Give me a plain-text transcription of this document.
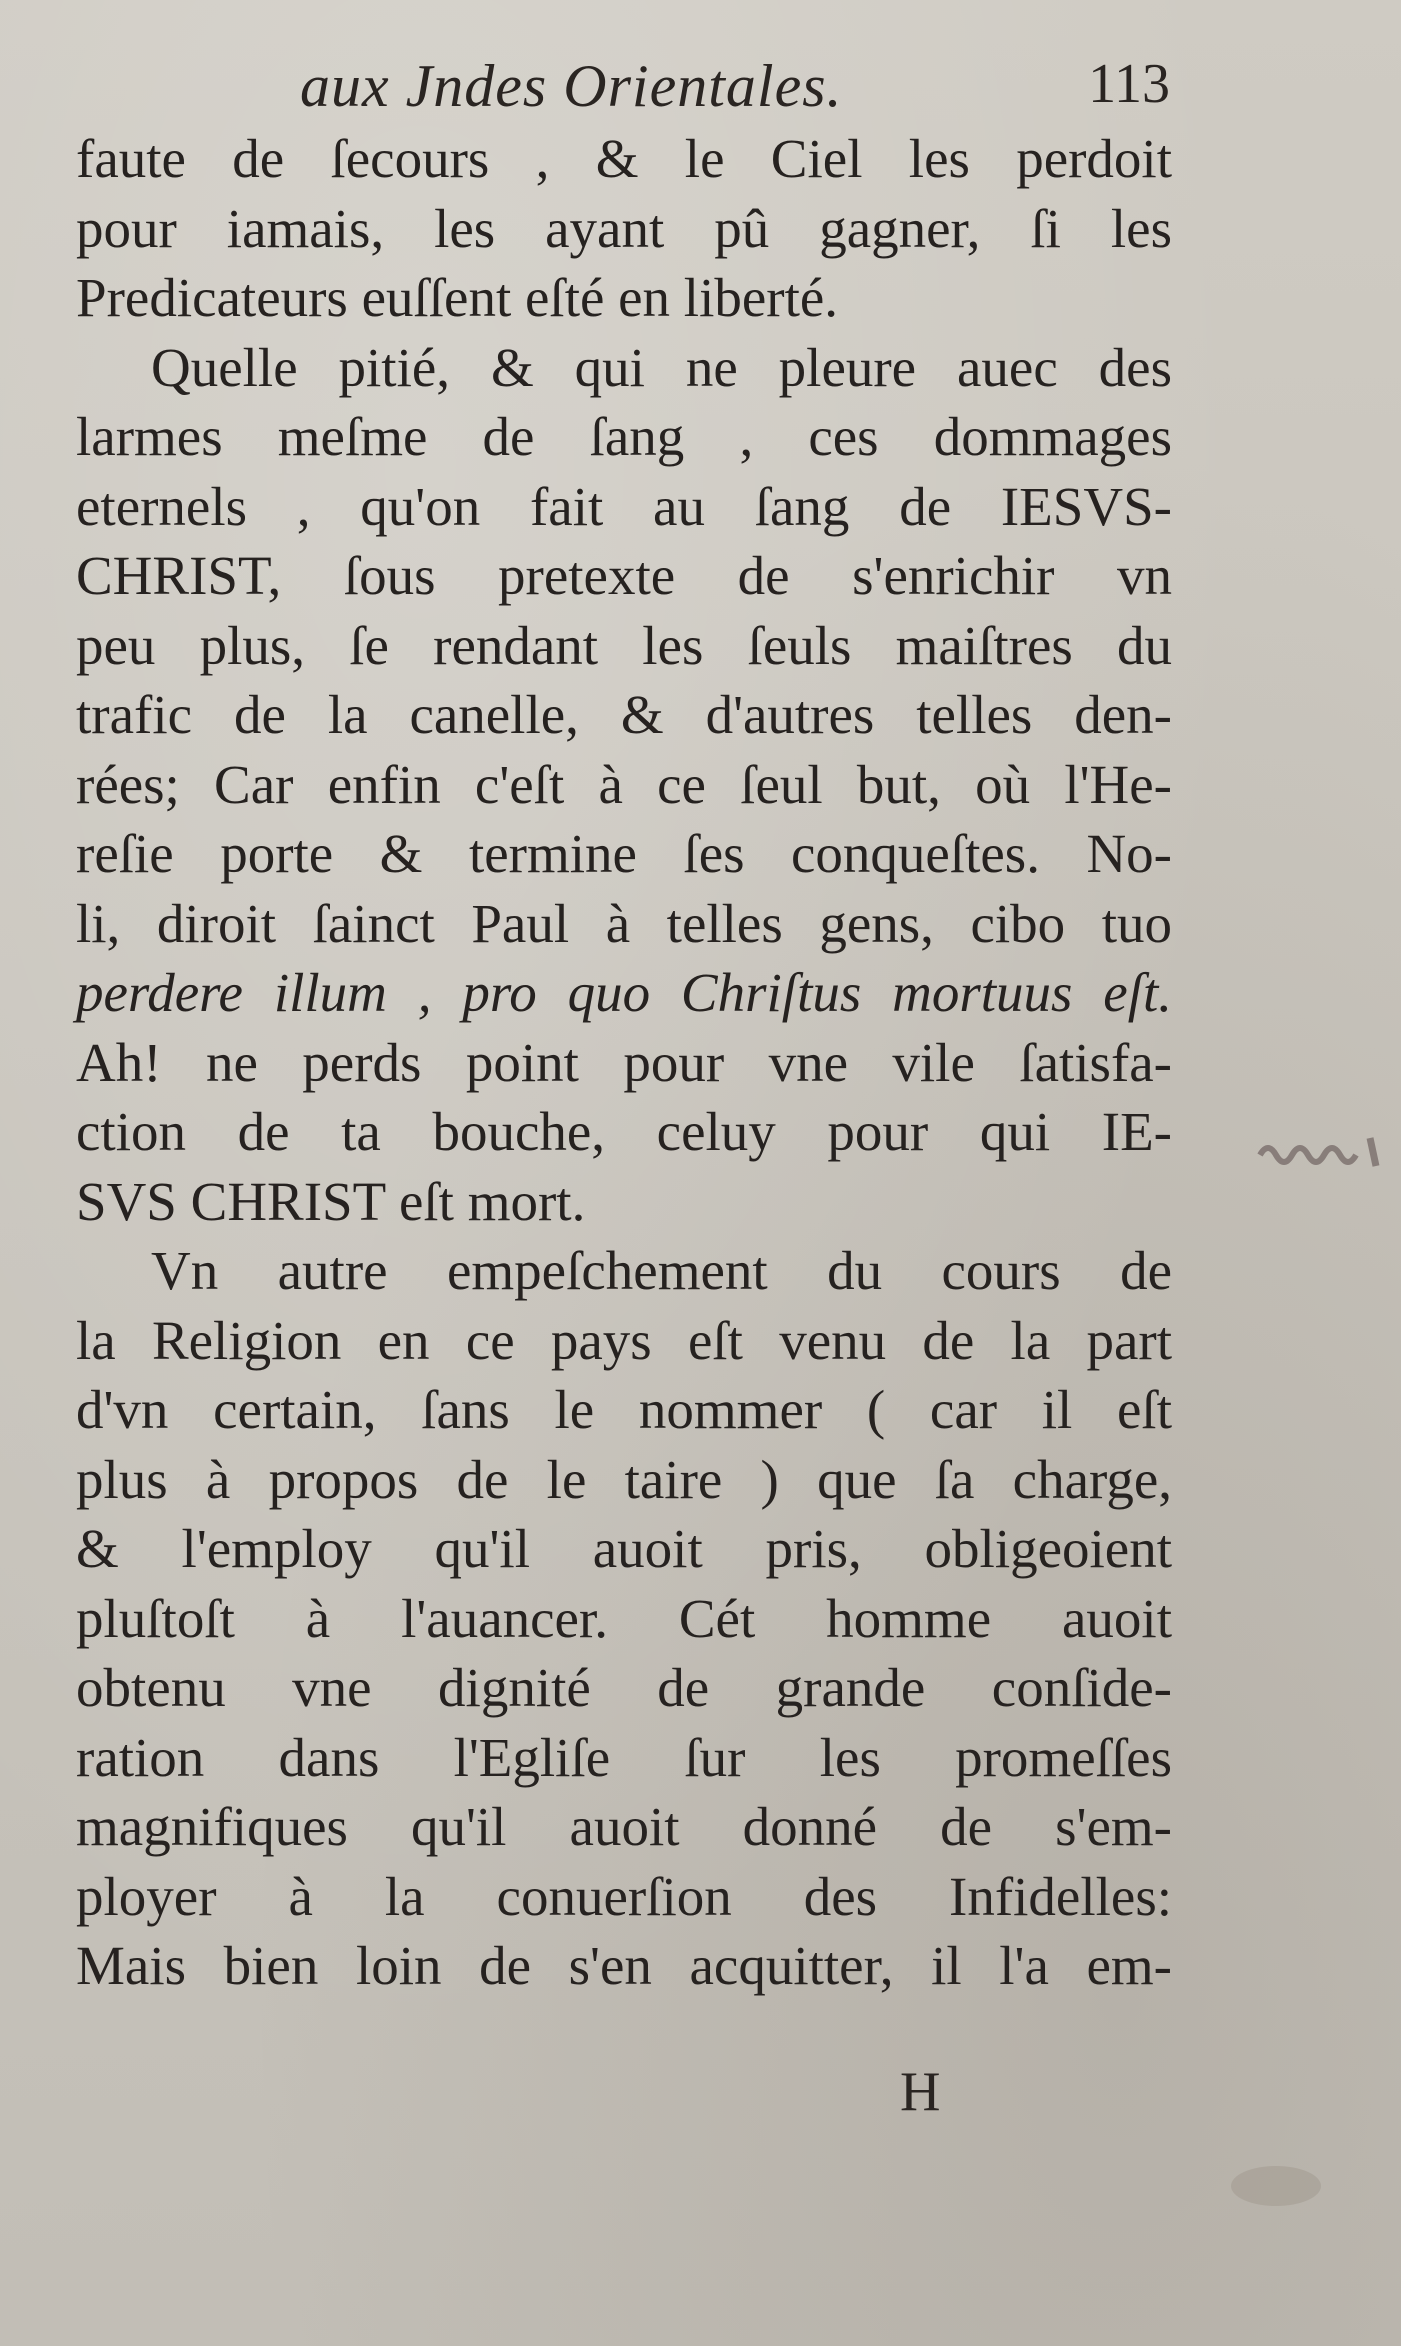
aux Jndes Orientales.	113
faute de ſecours , & le Ciel les perdoit
pour iamais, les ayant pû gagner, ſi les
Predicateurs euſſent eſté en liberté.
Quelle pitié, & qui ne pleure auec des
larmes meſme de ſang , ces dommages
eternels , qu'on fait au ſang de IESVS-
CHRIST, ſous pretexte de s'enrichir vn
peu plus, ſe rendant les ſeuls maiſtres du
trafic de la canelle, & d'autres telles den-
rées; Car enfin c'eſt à ce ſeul but, où l'He-
reſie porte & termine ſes conqueſtes. No-
li, diroit ſainct Paul à telles gens, cibo tuo
perdere illum , pro quo Chriſtus mortuus eſt.
Ah! ne perds point pour vne vile ſatisfa-
ction de ta bouche, celuy pour qui IE-
SVS CHRIST eſt mort.
Vn autre empeſchement du cours de
la Religion en ce pays eſt venu de la part
d'vn certain, ſans le nommer ( car il eſt
plus à propos de le taire ) que ſa charge,
& l'employ qu'il auoit pris, obligeoient
pluſtoſt à l'auancer. Cét homme auoit
obtenu vne dignité de grande conſide-
ration dans l'Egliſe ſur les promeſſes
magnifiques qu'il auoit donné de s'em-
ployer à la conuerſion des Infidelles:
Mais bien loin de s'en acquitter, il l'a em-
H
